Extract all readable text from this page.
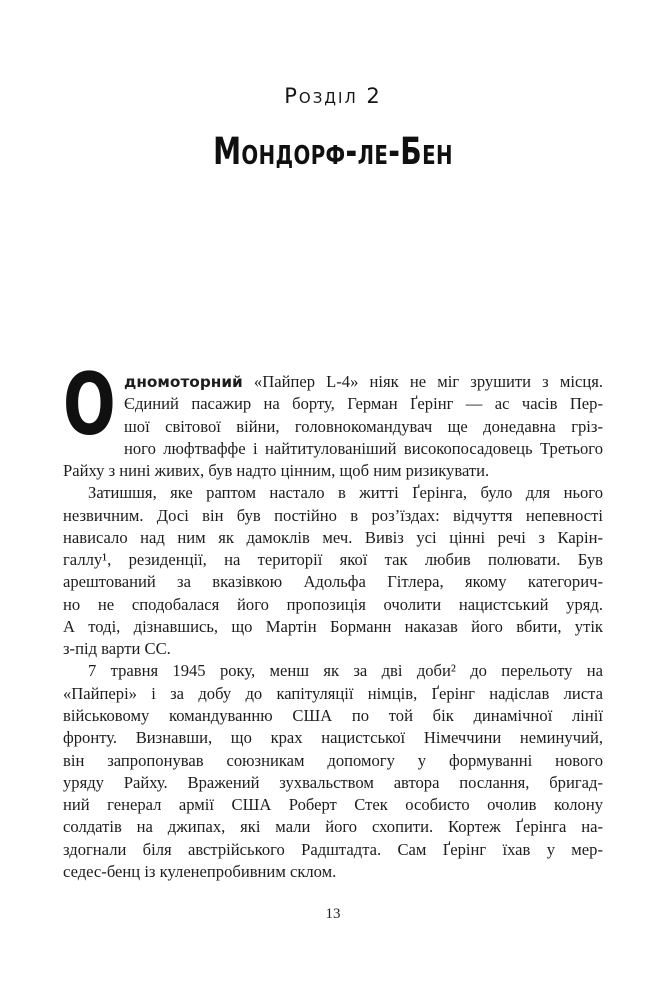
Розділ 2
Мондорф-ле-Бен
О дномоторний «Пайпер L-4» ніяк не міг зрушити з місця.
Єдиний пасажир на борту, Герман Ґерінг — ас часів Пер-
шої світової війни, головнокомандувач ще донедавна гріз-
ного люфтваффе і найтитулованіший високопосадовець Третього
Райху з нині живих, був надто цінним, щоб ним ризикувати.
Затишшя, яке раптом настало в житті Ґерінга, було для нього
незвичним. Досі він був постійно в роз’їздах: відчуття непевності
нависало над ним як дамоклів меч. Вивіз усі цінні речі з Карін-
галлу¹, резиденції, на території якої так любив полювати. Був
арештований за вказівкою Адольфа Гітлера, якому категорич-
но не сподобалася його пропозиція очолити нацистський уряд.
А тоді, дізнавшись, що Мартін Борманн наказав його вбити, утік
з-під варти СС.
7 травня 1945 року, менш як за дві доби² до перельоту на
«Пайпері» і за добу до капітуляції німців, Ґерінг надіслав листа
військовому командуванню США по той бік динамічної лінії
фронту. Визнавши, що крах нацистської Німеччини неминучий,
він запропонував союзникам допомогу у формуванні нового
уряду Райху. Вражений зухвальством автора послання, бригад-
ний генерал армії США Роберт Стек особисто очолив колону
солдатів на джипах, які мали його схопити. Кортеж Ґерінга на-
здогнали біля австрійського Радштадта. Сам Ґерінг їхав у мер-
седес-бенц із куленепробивним склом.
13
